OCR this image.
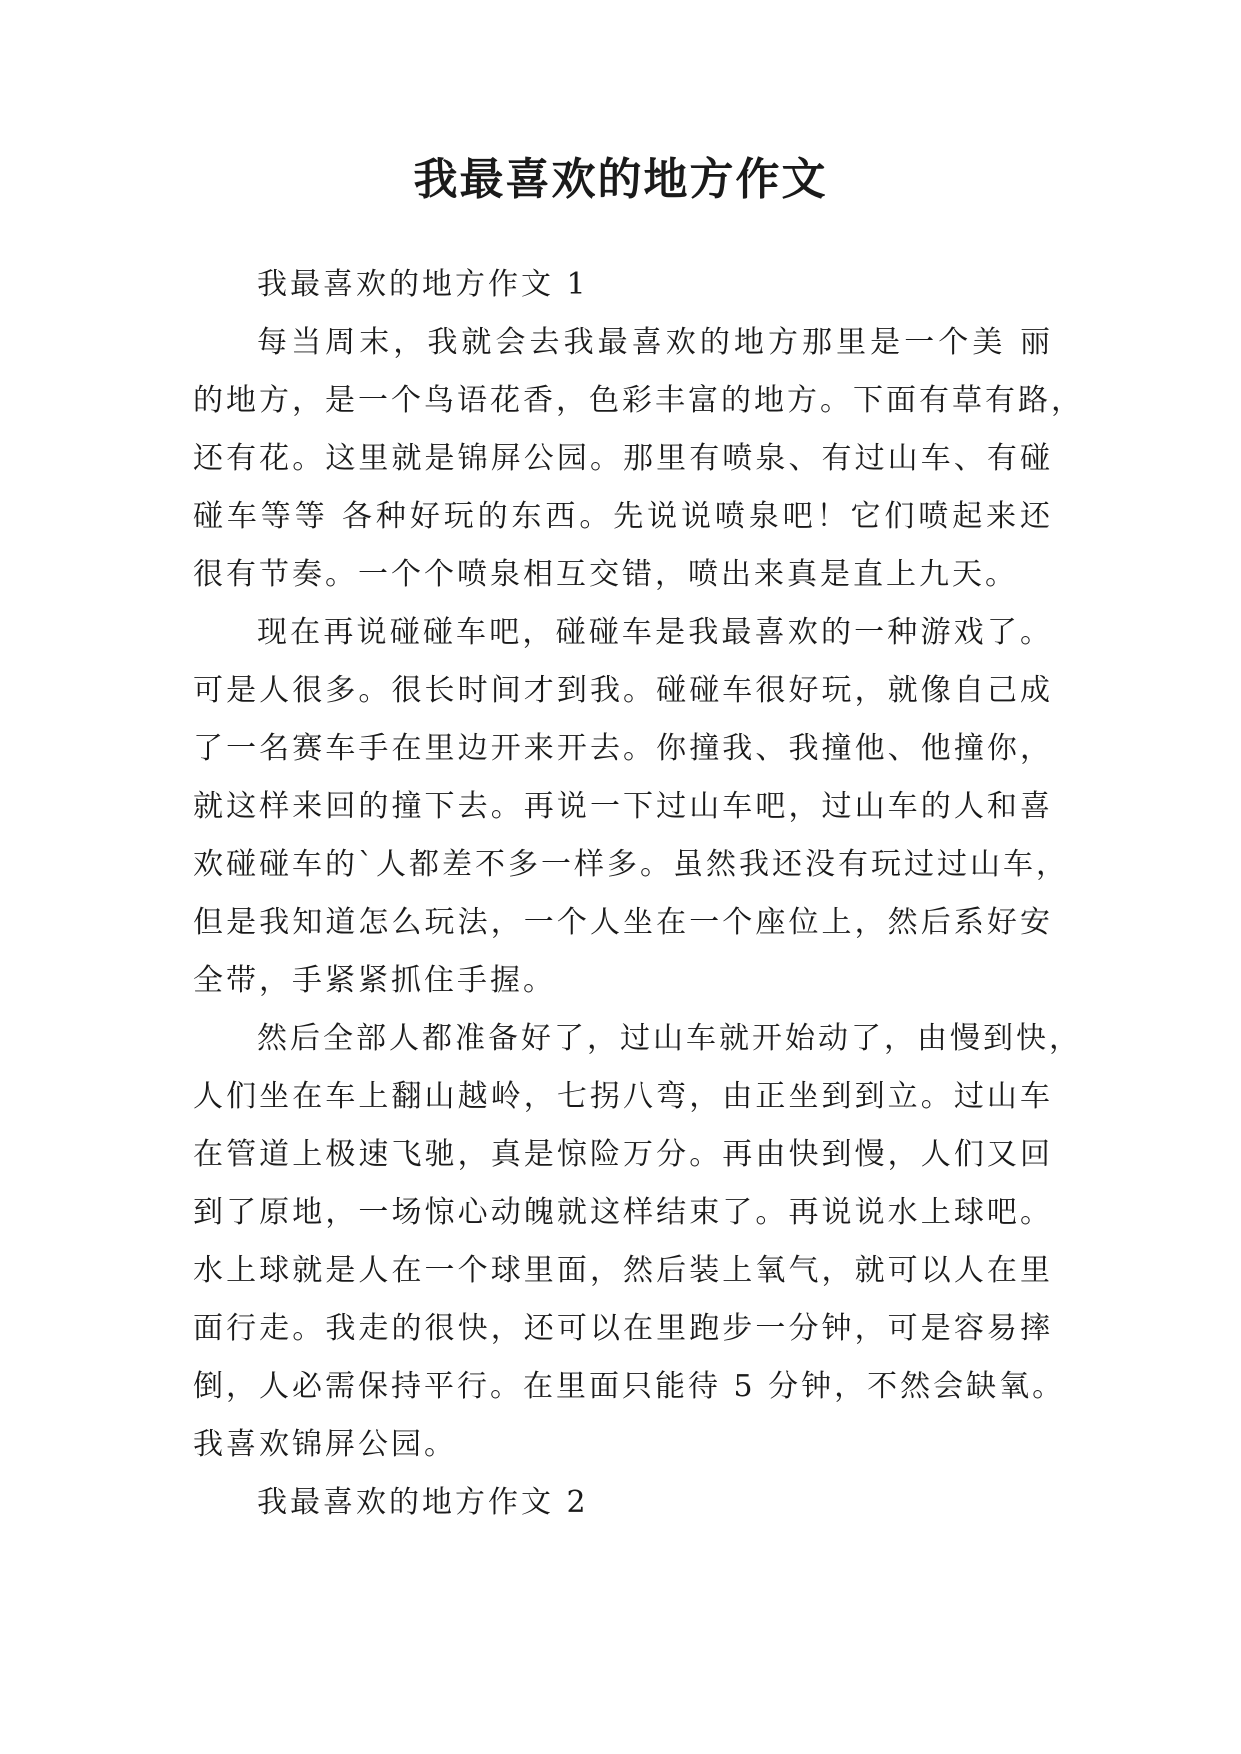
我最喜欢的地方作文
我最喜欢的地方作文 1
每当周末，我就会去我最喜欢的地方那里是一个美 丽
的地方，是一个鸟语花香，色彩丰富的地方。下面有草有路，
还有花。这里就是锦屏公园。那里有喷泉、有过山车、有碰
碰车等等 各种好玩的东西。先说说喷泉吧！它们喷起来还
很有节奏。一个个喷泉相互交错，喷出来真是直上九天。
现在再说碰碰车吧，碰碰车是我最喜欢的一种游戏了。
可是人很多。很长时间才到我。碰碰车很好玩，就像自己成
了一名赛车手在里边开来开去。你撞我、我撞他、他撞你，
就这样来回的撞下去。再说一下过山车吧，过山车的人和喜
欢碰碰车的`人都差不多一样多。虽然我还没有玩过过山车，
但是我知道怎么玩法，一个人坐在一个座位上，然后系好安
全带，手紧紧抓住手握。
然后全部人都准备好了，过山车就开始动了，由慢到快，
人们坐在车上翻山越岭，七拐八弯，由正坐到到立。过山车
在管道上极速飞驰，真是惊险万分。再由快到慢，人们又回
到了原地，一场惊心动魄就这样结束了。再说说水上球吧。
水上球就是人在一个球里面，然后装上氧气，就可以人在里
面行走。我走的很快，还可以在里跑步一分钟，可是容易摔
倒，人必需保持平行。在里面只能待 5 分钟，不然会缺氧。
我喜欢锦屏公园。
我最喜欢的地方作文 2
